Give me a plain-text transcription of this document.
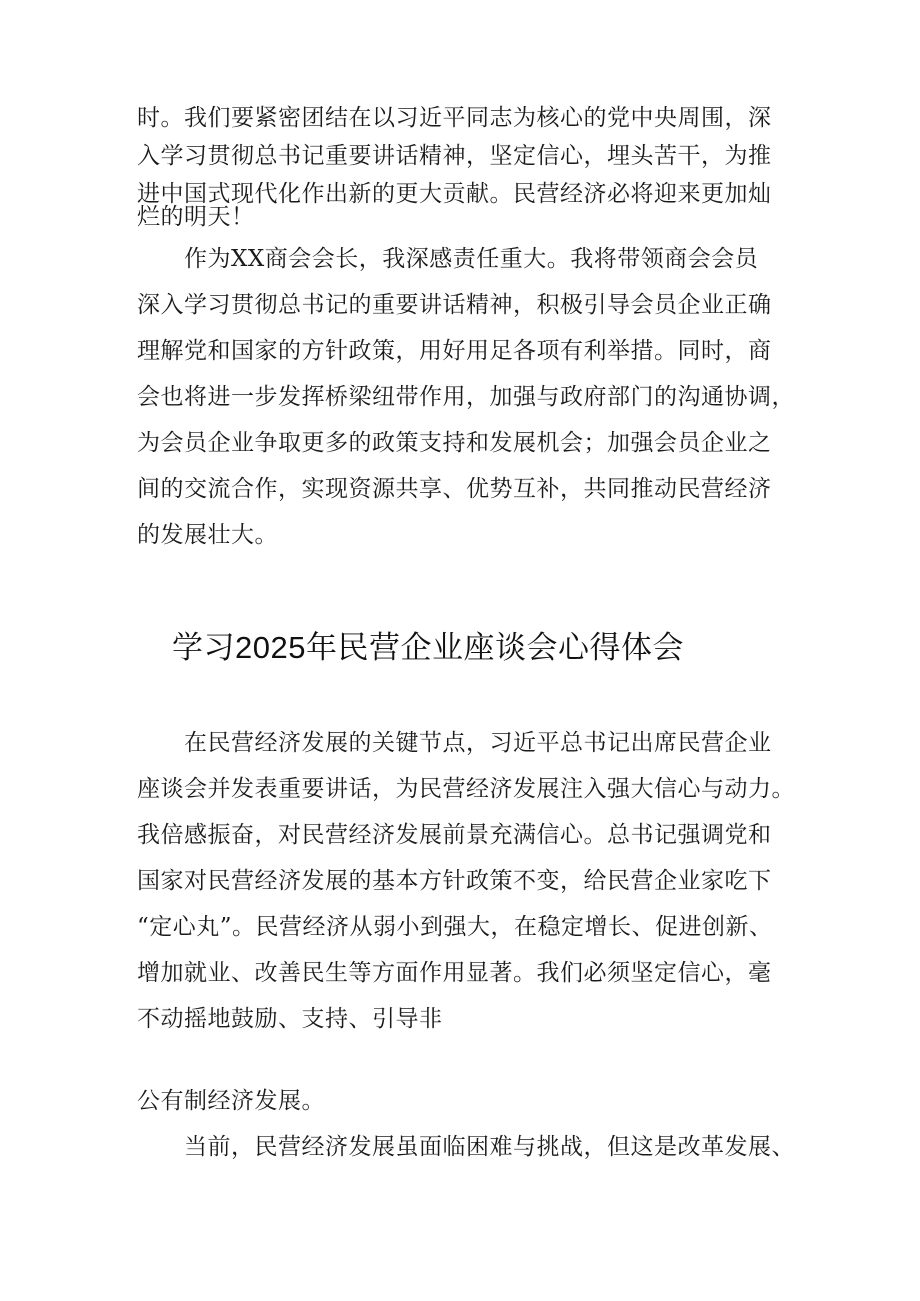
时。我们要紧密团结在以习近平同志为核心的党中央周围，深
入学习贯彻总书记重要讲话精神，坚定信心，埋头苦干，为推
进中国式现代化作出新的更大贡献。民营经济必将迎来更加灿
烂的明天！
作为XX商会会长，我深感责任重大。我将带领商会会员
深入学习贯彻总书记的重要讲话精神，积极引导会员企业正确
理解党和国家的方针政策，用好用足各项有利举措。同时，商
会也将进一步发挥桥梁纽带作用，加强与政府部门的沟通协调，
为会员企业争取更多的政策支持和发展机会；加强会员企业之
间的交流合作，实现资源共享、优势互补，共同推动民营经济
的发展壮大。
学习2025年民营企业座谈会心得体会
在民营经济发展的关键节点，习近平总书记出席民营企业
座谈会并发表重要讲话，为民营经济发展注入强大信心与动力。
我倍感振奋，对民营经济发展前景充满信心。总书记强调党和
国家对民营经济发展的基本方针政策不变，给民营企业家吃下
“定心丸”。民营经济从弱小到强大，在稳定增长、促进创新、
增加就业、改善民生等方面作用显著。我们必须坚定信心，毫
不动摇地鼓励、支持、引导非
公有制经济发展。
当前，民营经济发展虽面临困难与挑战，但这是改革发展、
